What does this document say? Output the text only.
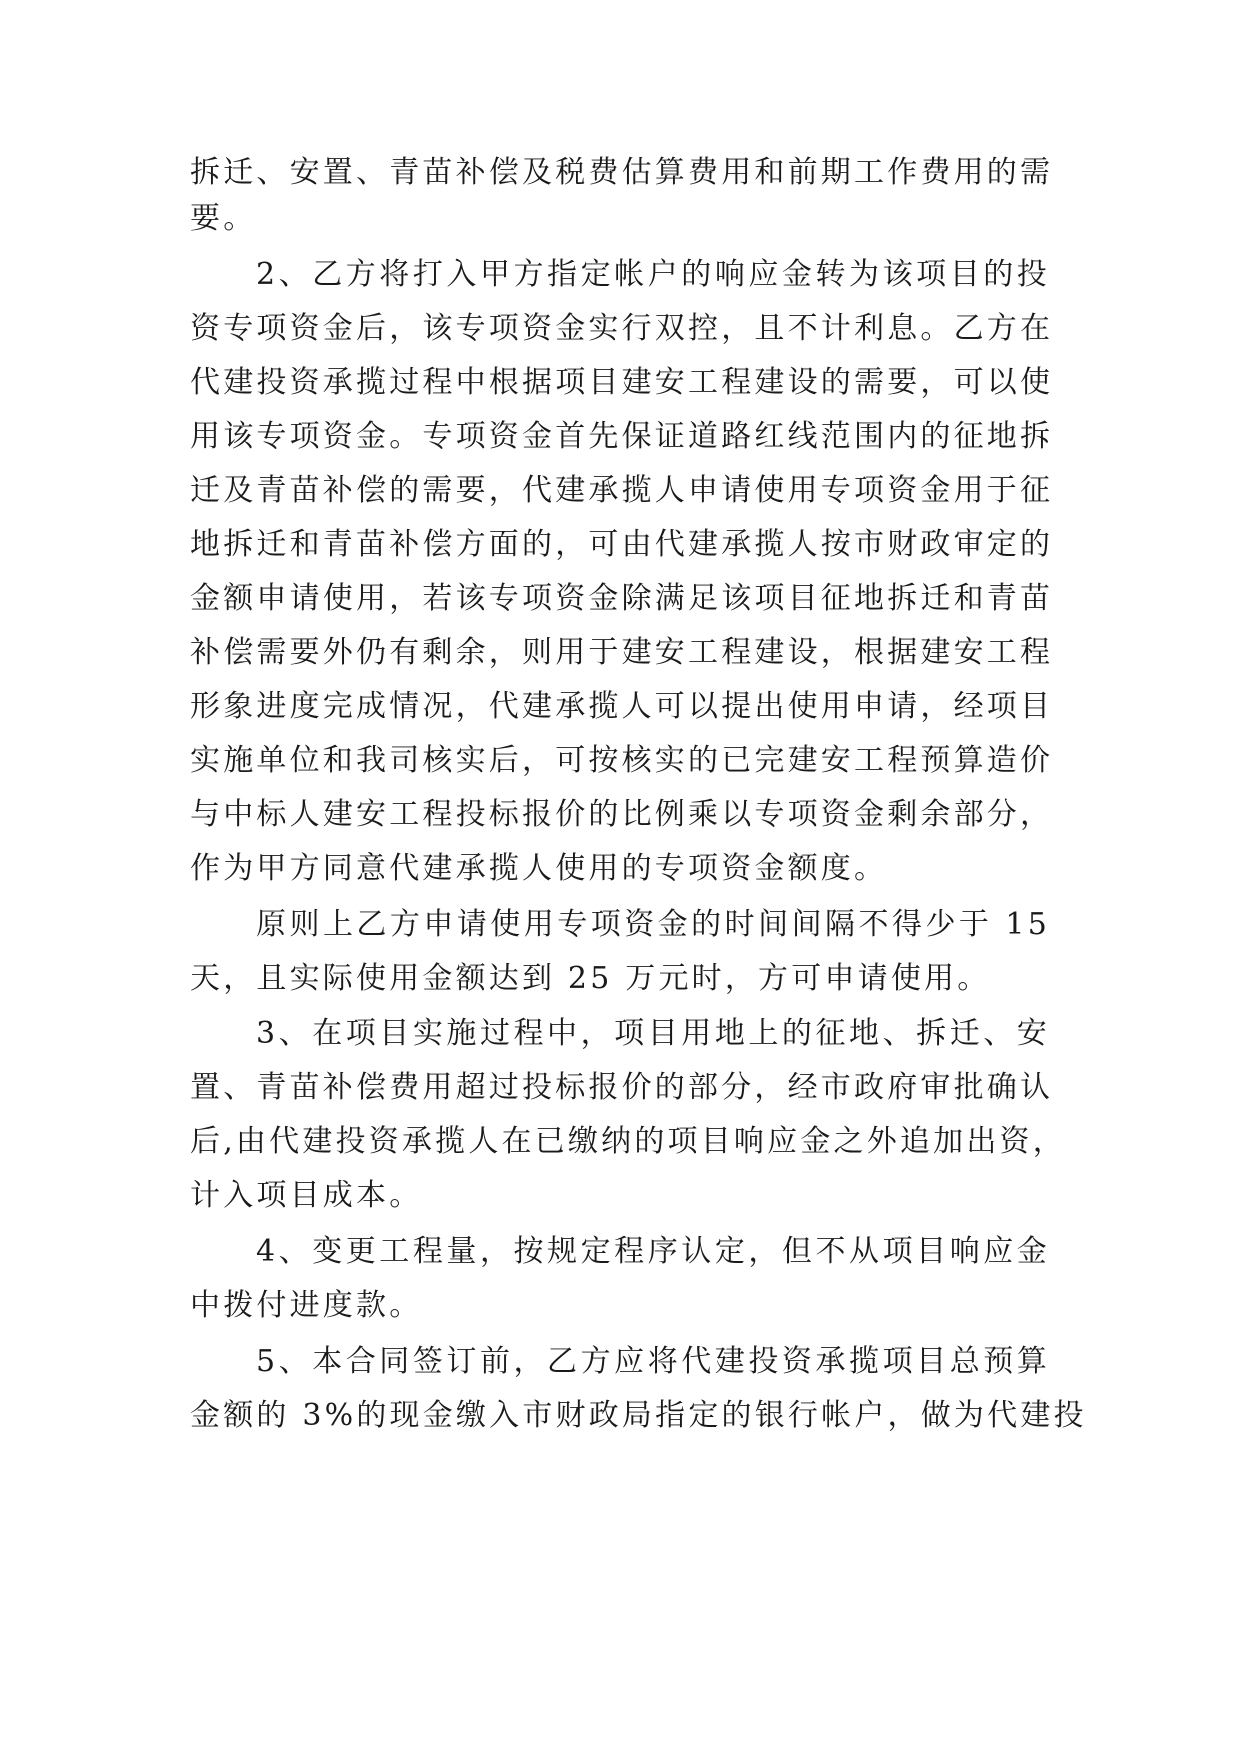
拆迁、安置、青苗补偿及税费估算费用和前期工作费用的需
要。
2、乙方将打入甲方指定帐户的响应金转为该项目的投
资专项资金后，该专项资金实行双控，且不计利息。乙方在
代建投资承揽过程中根据项目建安工程建设的需要，可以使
用该专项资金。专项资金首先保证道路红线范围内的征地拆
迁及青苗补偿的需要，代建承揽人申请使用专项资金用于征
地拆迁和青苗补偿方面的，可由代建承揽人按市财政审定的
金额申请使用，若该专项资金除满足该项目征地拆迁和青苗
补偿需要外仍有剩余，则用于建安工程建设，根据建安工程
形象进度完成情况，代建承揽人可以提出使用申请，经项目
实施单位和我司核实后，可按核实的已完建安工程预算造价
与中标人建安工程投标报价的比例乘以专项资金剩余部分，
作为甲方同意代建承揽人使用的专项资金额度。
原则上乙方申请使用专项资金的时间间隔不得少于 15
天，且实际使用金额达到 25 万元时，方可申请使用。
3、在项目实施过程中，项目用地上的征地、拆迁、安
置、青苗补偿费用超过投标报价的部分，经市政府审批确认
后,由代建投资承揽人在已缴纳的项目响应金之外追加出资，
计入项目成本。
4、变更工程量，按规定程序认定，但不从项目响应金
中拨付进度款。
5、本合同签订前，乙方应将代建投资承揽项目总预算
金额的 3%的现金缴入市财政局指定的银行帐户，做为代建投
